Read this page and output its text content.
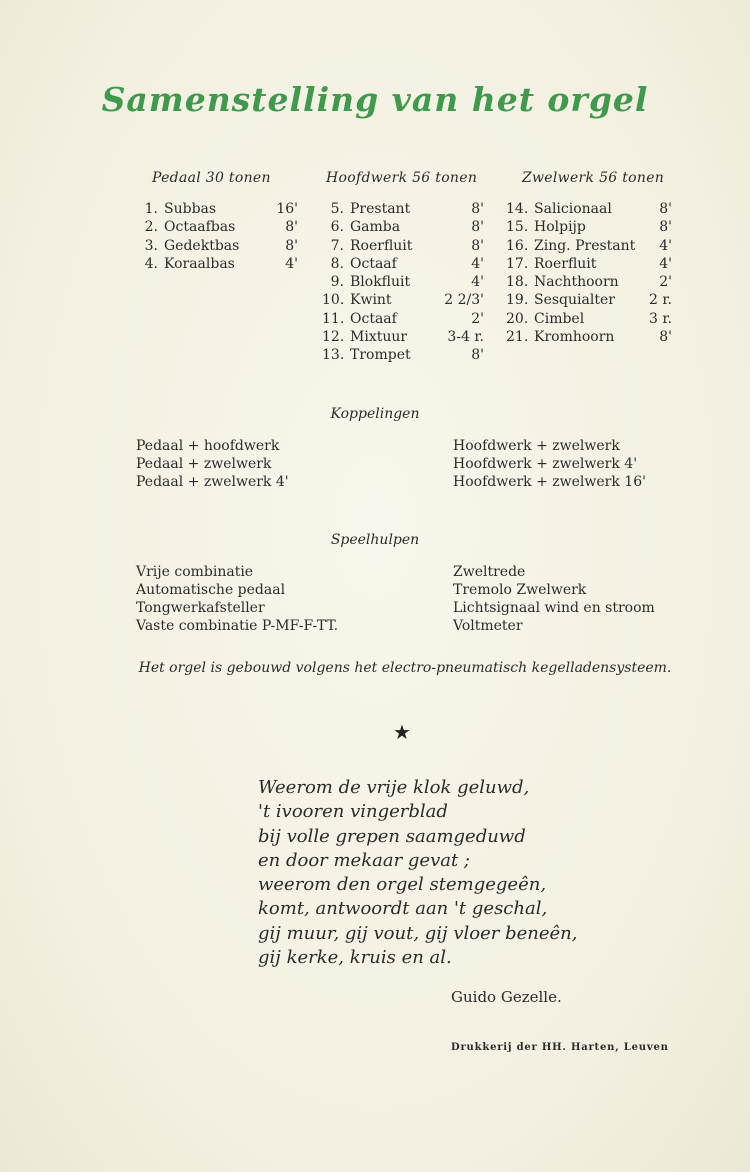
Samenstelling van het orgel
Pedaal 30 tonen
1. Subbas	16'
2. Octaafbas	8'
3. Gedektbas	8'
4. Koraalbas	4'
Hoofdwerk 56 tonen
5. Prestant	8'
6. Gamba	8'
7. Roerfluit	8'
8. Octaaf	4'
9. Blokfluit	4'
10. Kwint	2 2/3'
11. Octaaf	2'
12. Mixtuur	3-4 r.
13. Trompet	8'
Zwelwerk 56 tonen
14. Salicionaal	8'
15. Holpijp	8'
16. Zing. Prestant	4'
17. Roerfluit	4'
18. Nachthoorn	2'
19. Sesquialter	2 r.
20. Cimbel	3 r.
21. Kromhoorn	8'
Koppelingen
Pedaal + hoofdwerk
Pedaal + zwelwerk
Pedaal + zwelwerk 4'
Hoofdwerk + zwelwerk
Hoofdwerk + zwelwerk 4'
Hoofdwerk + zwelwerk 16'
Speelhulpen
Vrije combinatie
Automatische pedaal
Tongwerkafsteller
Vaste combinatie P-MF-F-TT.
Zweltrede
Tremolo Zwelwerk
Lichtsignaal wind en stroom
Voltmeter
Het orgel is gebouwd volgens het electro-pneumatisch kegelladensysteem.
★
Weerom de vrije klok geluwd,
't ivooren vingerblad
bij volle grepen saamgeduwd
en door mekaar gevat ;
weerom den orgel stemgegeên,
komt, antwoordt aan 't geschal,
gij muur, gij vout, gij vloer beneên,
gij kerke, kruis en al.
Guido Gezelle.
Drukkerij der HH. Harten, Leuven
